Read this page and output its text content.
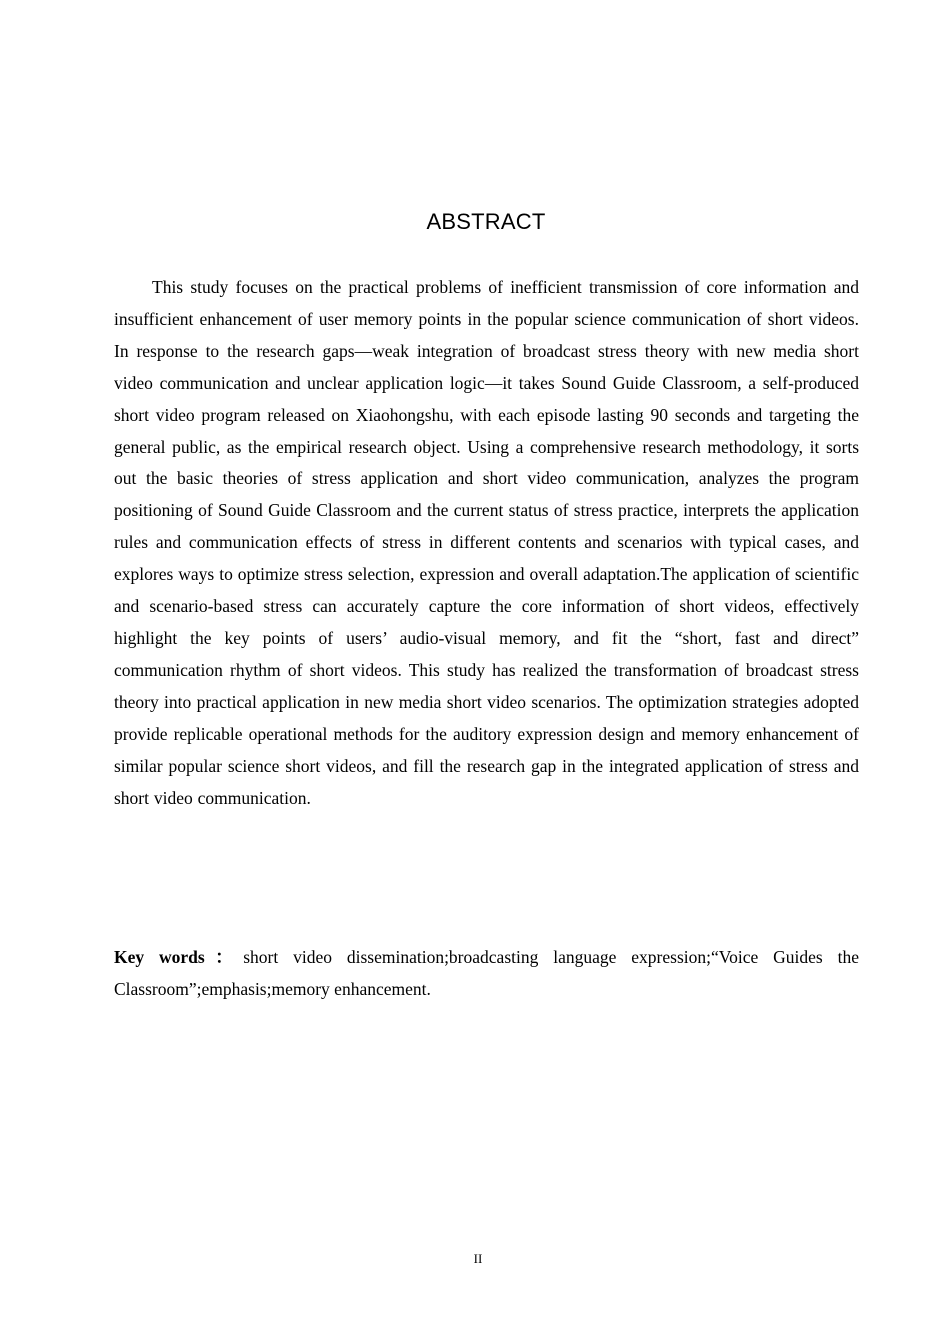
ABSTRACT

This study focuses on the practical problems of inefficient transmission of core information and insufficient enhancement of user memory points in the popular science communication of short videos. In response to the research gaps—weak integration of broadcast stress theory with new media short video communication and unclear application logic—it takes Sound Guide Classroom, a self-produced short video program released on Xiaohongshu, with each episode lasting 90 seconds and targeting the general public, as the empirical research object. Using a comprehensive research methodology, it sorts out the basic theories of stress application and short video communication, analyzes the program positioning of Sound Guide Classroom and the current status of stress practice, interprets the application rules and communication effects of stress in different contents and scenarios with typical cases, and explores ways to optimize stress selection, expression and overall adaptation.The application of scientific and scenario-based stress can accurately capture the core information of short videos, effectively highlight the key points of users’ audio-visual memory, and fit the “short, fast and direct” communication rhythm of short videos. This study has realized the transformation of broadcast stress theory into practical application in new media short video scenarios. The optimization strategies adopted provide replicable operational methods for the auditory expression design and memory enhancement of similar popular science short videos, and fill the research gap in the integrated application of stress and short video communication.

Key words：short video dissemination;broadcasting language expression;“Voice Guides the Classroom”;emphasis;memory enhancement.

II
